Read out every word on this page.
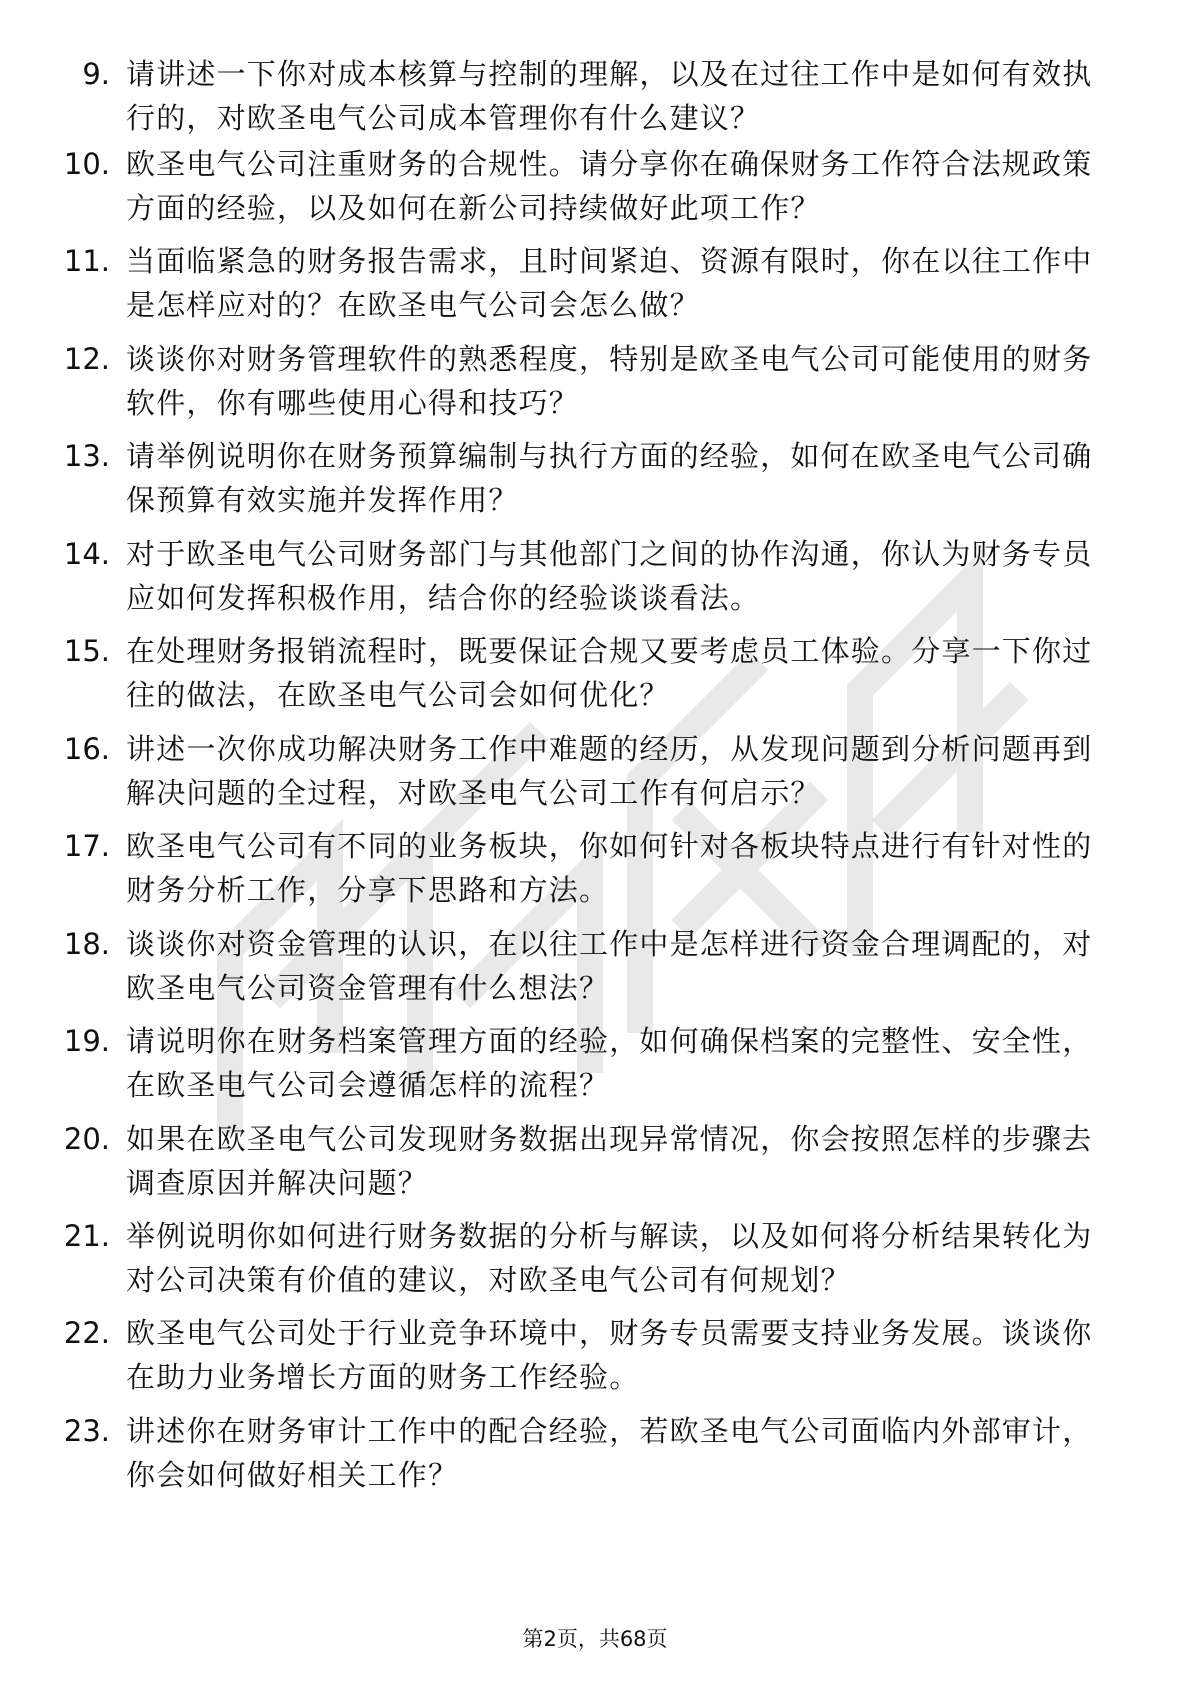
9. 请讲述一下你对成本核算与控制的理解，以及在过往工作中是如何有效执行的，对欧圣电气公司成本管理你有什么建议？

10. 欧圣电气公司注重财务的合规性。请分享你在确保财务工作符合法规政策方面的经验，以及如何在新公司持续做好此项工作？

11. 当面临紧急的财务报告需求，且时间紧迫、资源有限时，你在以往工作中是怎样应对的？在欧圣电气公司会怎么做？

12. 谈谈你对财务管理软件的熟悉程度，特别是欧圣电气公司可能使用的财务软件，你有哪些使用心得和技巧？

13. 请举例说明你在财务预算编制与执行方面的经验，如何在欧圣电气公司确保预算有效实施并发挥作用？

14. 对于欧圣电气公司财务部门与其他部门之间的协作沟通，你认为财务专员应如何发挥积极作用，结合你的经验谈谈看法。

15. 在处理财务报销流程时，既要保证合规又要考虑员工体验。分享一下你过往的做法，在欧圣电气公司会如何优化？

16. 讲述一次你成功解决财务工作中难题的经历，从发现问题到分析问题再到解决问题的全过程，对欧圣电气公司工作有何启示？

17. 欧圣电气公司有不同的业务板块，你如何针对各板块特点进行有针对性的财务分析工作，分享下思路和方法。

18. 谈谈你对资金管理的认识，在以往工作中是怎样进行资金合理调配的，对欧圣电气公司资金管理有什么想法？

19. 请说明你在财务档案管理方面的经验，如何确保档案的完整性、安全性，在欧圣电气公司会遵循怎样的流程？

20. 如果在欧圣电气公司发现财务数据出现异常情况，你会按照怎样的步骤去调查原因并解决问题？

21. 举例说明你如何进行财务数据的分析与解读，以及如何将分析结果转化为对公司决策有价值的建议，对欧圣电气公司有何规划？

22. 欧圣电气公司处于行业竞争环境中，财务专员需要支持业务发展。谈谈你在助力业务增长方面的财务工作经验。

23. 讲述你在财务审计工作中的配合经验，若欧圣电气公司面临内外部审计，你会如何做好相关工作？

第2页，共68页
